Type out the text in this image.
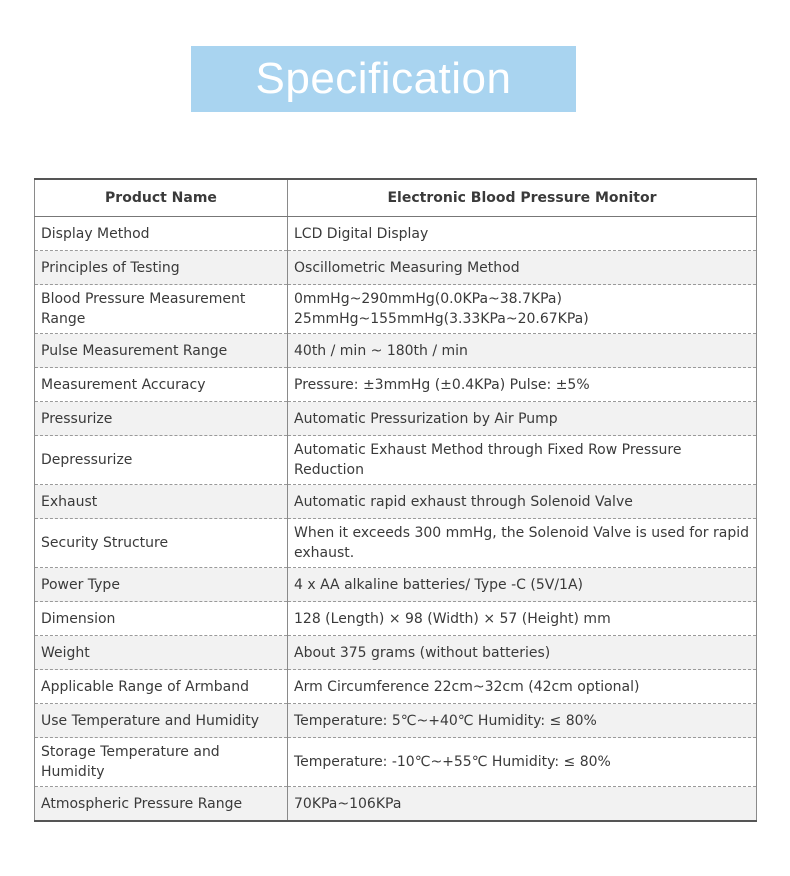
Specification
Product Name	Electronic Blood Pressure Monitor
Display Method	LCD Digital Display

Principles of Testing	Oscillometric Measuring Method

Blood Pressure Measurement Range	0mmHg~290mmHg(0.0KPa~38.7KPa)
25mmHg~155mmHg(3.33KPa~20.67KPa)

Pulse Measurement Range	40th / min ~ 180th / min

Measurement Accuracy	Pressure: ±3mmHg (±0.4KPa) Pulse: ±5%

Pressurize	Automatic Pressurization by Air Pump

Depressurize	Automatic Exhaust Method through Fixed Row Pressure Reduction

Exhaust	Automatic rapid exhaust through Solenoid Valve

Security Structure	When it exceeds 300 mmHg, the Solenoid Valve is used for rapid exhaust.

Power Type	4 x AA alkaline batteries/ Type -C (5V/1A)

Dimension	128 (Length) × 98 (Width) × 57 (Height) mm

Weight	About 375 grams (without batteries)

Applicable Range of Armband	Arm Circumference 22cm~32cm (42cm optional)

Use Temperature and Humidity	Temperature: 5℃~+40℃ Humidity: ≤ 80%

Storage Temperature and Humidity	Temperature: -10℃~+55℃ Humidity: ≤ 80%

Atmospheric Pressure Range	70KPa~106KPa
